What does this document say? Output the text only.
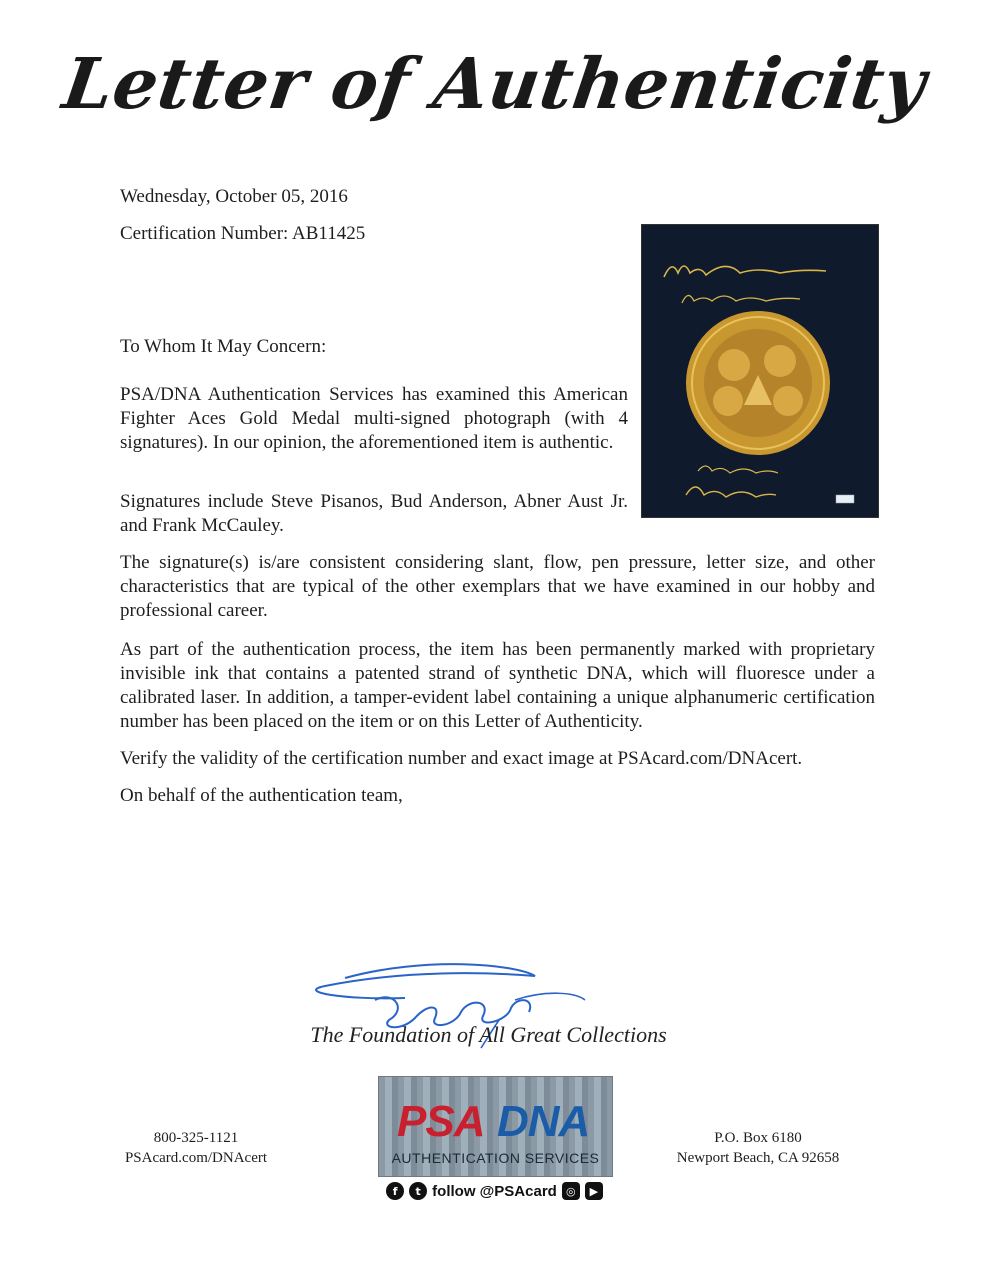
Letter of Authenticity
Wednesday, October 05, 2016
Certification Number: AB11425
To Whom It May Concern:

PSA/DNA Authentication Services has examined this American Fighter Aces Gold Medal multi-signed photograph (with 4 signatures). In our opinion, the aforementioned item is authentic.

Signatures include Steve Pisanos, Bud Anderson, Abner Aust Jr. and Frank McCauley.

The signature(s) is/are consistent considering slant, flow, pen pressure, letter size, and other characteristics that are typical of the other exemplars that we have examined in our hobby and professional career.

As part of the authentication process, the item has been permanently marked with proprietary invisible ink that contains a patented strand of synthetic DNA, which will fluoresce under a calibrated laser. In addition, a tamper-evident label containing a unique alphanumeric certification number has been placed on the item or on this Letter of Authenticity.

Verify the validity of the certification number and exact image at PSAcard.com/DNAcert.

On behalf of the authentication team,

The Foundation of All Great Collections
800-325-1121
PSAcard.com/DNAcert
PSA DNA
AUTHENTICATION SERVICES
f	t follow @PSAcard ◎	▶
P.O. Box 6180
Newport Beach, CA 92658
